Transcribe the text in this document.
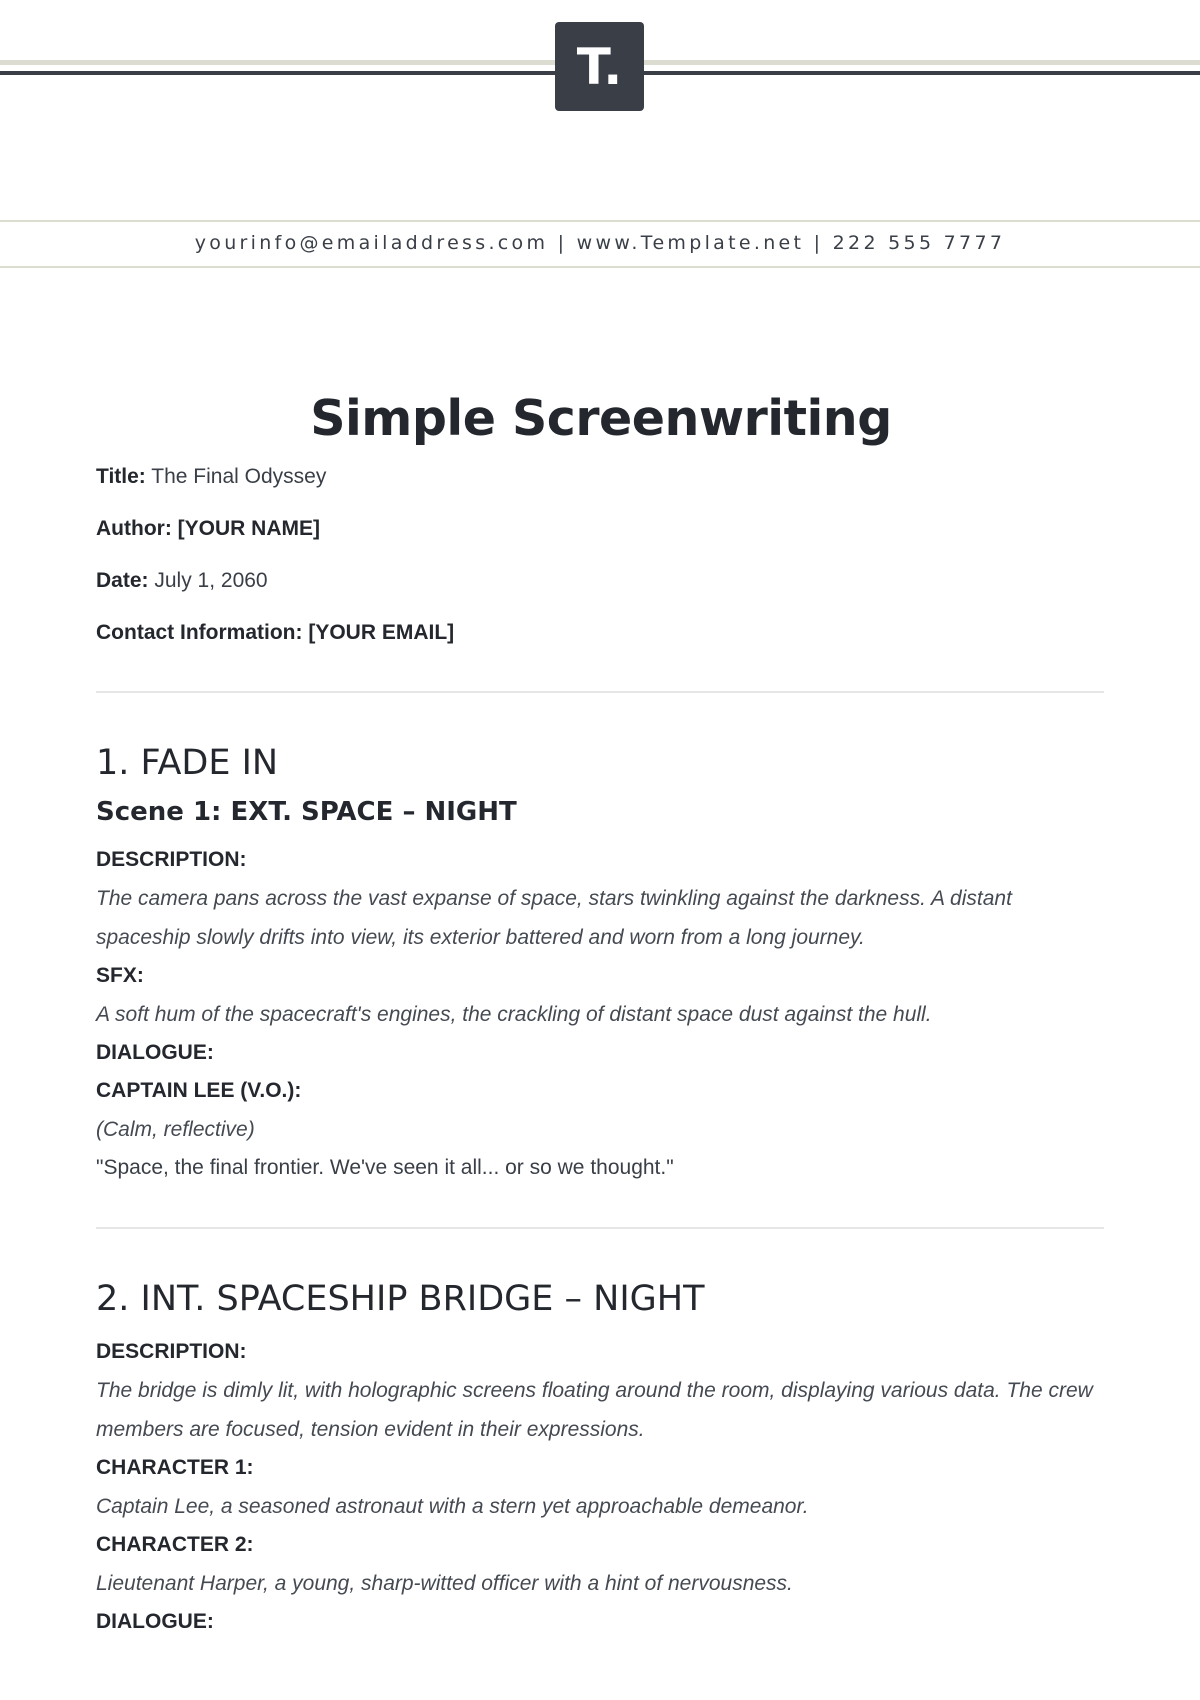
T.
yourinfo@emailaddress.com | www.Template.net | 222 555 7777
Simple Screenwriting

Title: The Final Odyssey

Author: [YOUR NAME]

Date: July 1, 2060

Contact Information: [YOUR EMAIL]

1. FADE IN
Scene 1: EXT. SPACE – NIGHT

DESCRIPTION:

The camera pans across the vast expanse of space, stars twinkling against the darkness. A distant spaceship slowly drifts into view, its exterior battered and worn from a long journey.

SFX:

A soft hum of the spacecraft's engines, the crackling of distant space dust against the hull.

DIALOGUE:

CAPTAIN LEE (V.O.):

(Calm, reflective)

"Space, the final frontier. We've seen it all... or so we thought."

2. INT. SPACESHIP BRIDGE – NIGHT

DESCRIPTION:

The bridge is dimly lit, with holographic screens floating around the room, displaying various data. The crew members are focused, tension evident in their expressions.

CHARACTER 1:

Captain Lee, a seasoned astronaut with a stern yet approachable demeanor.

CHARACTER 2:

Lieutenant Harper, a young, sharp-witted officer with a hint of nervousness.

DIALOGUE:
